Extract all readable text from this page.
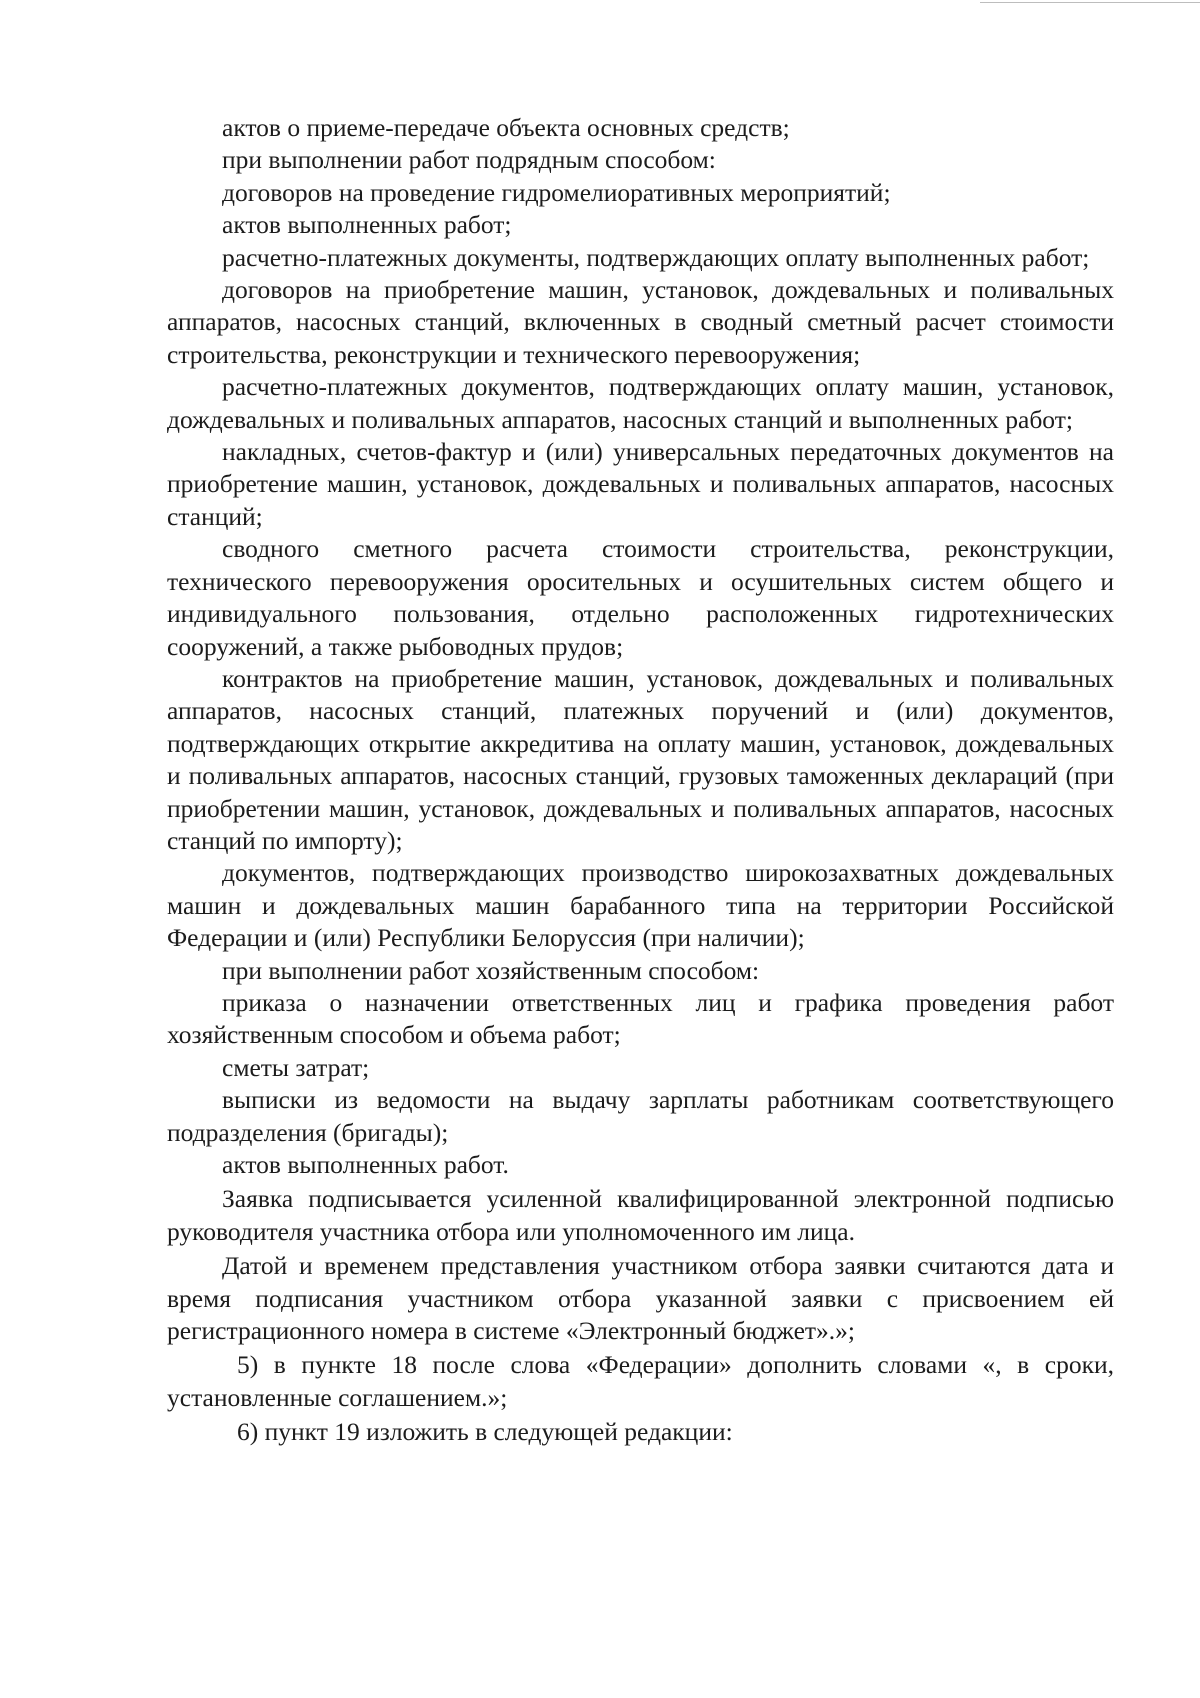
актов о приеме-передаче объекта основных средств;

при выполнении работ подрядным способом:

договоров на проведение гидромелиоративных мероприятий;

актов выполненных работ;

расчетно-платежных документы, подтверждающих оплату выполненных работ;

договоров на приобретение машин, установок, дождевальных и поливальных аппаратов, насосных станций, включенных в сводный сметный расчет стоимости строительства, реконструкции и технического перевооружения;

расчетно-платежных документов, подтверждающих оплату машин, установок, дождевальных и поливальных аппаратов, насосных станций и выполненных работ;

накладных, счетов-фактур и (или) универсальных передаточных документов на приобретение машин, установок, дождевальных и поливальных аппаратов, насосных станций;

сводного сметного расчета стоимости строительства, реконструкции, технического перевооружения оросительных и осушительных систем общего и индивидуального пользования, отдельно расположенных гидротехнических сооружений, а также рыбоводных прудов;

контрактов на приобретение машин, установок, дождевальных и поливальных аппаратов, насосных станций, платежных поручений и (или) документов, подтверждающих открытие аккредитива на оплату машин, установок, дождевальных и поливальных аппаратов, насосных станций, грузовых таможенных деклараций (при приобретении машин, установок, дождевальных и поливальных аппаратов, насосных станций по импорту);

документов, подтверждающих производство широкозахватных дождевальных машин и дождевальных машин барабанного типа на территории Российской Федерации и (или) Республики Белоруссия (при наличии);

при выполнении работ хозяйственным способом:

приказа о назначении ответственных лиц и графика проведения работ хозяйственным способом и объема работ;

сметы затрат;

выписки из ведомости на выдачу зарплаты работникам соответствующего подразделения (бригады);

актов выполненных работ.

Заявка подписывается усиленной квалифицированной электронной подписью руководителя участника отбора или уполномоченного им лица.

Датой и временем представления участником отбора заявки считаются дата и время подписания участником отбора указанной заявки с присвоением ей регистрационного номера в системе «Электронный бюджет».»;

5) в пункте 18 после слова «Федерации» дополнить словами «, в сроки, установленные соглашением.»;

6) пункт 19 изложить в следующей редакции:
